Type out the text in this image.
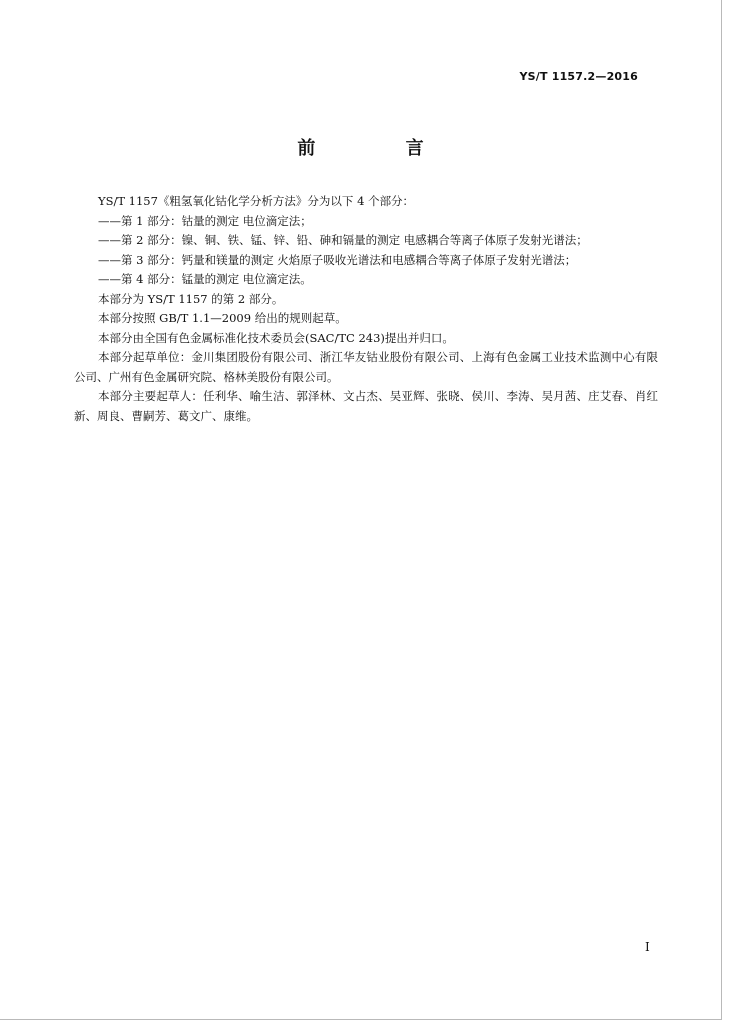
YS/T 1157.2—2016
前 言

YS/T 1157《粗氢氧化钴化学分析方法》分为以下 4 个部分：

——第 1 部分：钴量的测定 电位滴定法；

——第 2 部分：镍、铜、铁、锰、锌、铅、砷和镉量的测定 电感耦合等离子体原子发射光谱法；

——第 3 部分：钙量和镁量的测定 火焰原子吸收光谱法和电感耦合等离子体原子发射光谱法；

——第 4 部分：锰量的测定 电位滴定法。

本部分为 YS/T 1157 的第 2 部分。

本部分按照 GB/T 1.1—2009 给出的规则起草。

本部分由全国有色金属标准化技术委员会(SAC/TC 243)提出并归口。

本部分起草单位：金川集团股份有限公司、浙江华友钴业股份有限公司、上海有色金属工业技术监测中心有限公司、广州有色金属研究院、格林美股份有限公司。

本部分主要起草人：任利华、喻生洁、郭泽林、文占杰、吴亚辉、张晓、侯川、李涛、吴月茜、庄艾春、肖红新、周良、曹嗣芳、葛文广、康维。

I
